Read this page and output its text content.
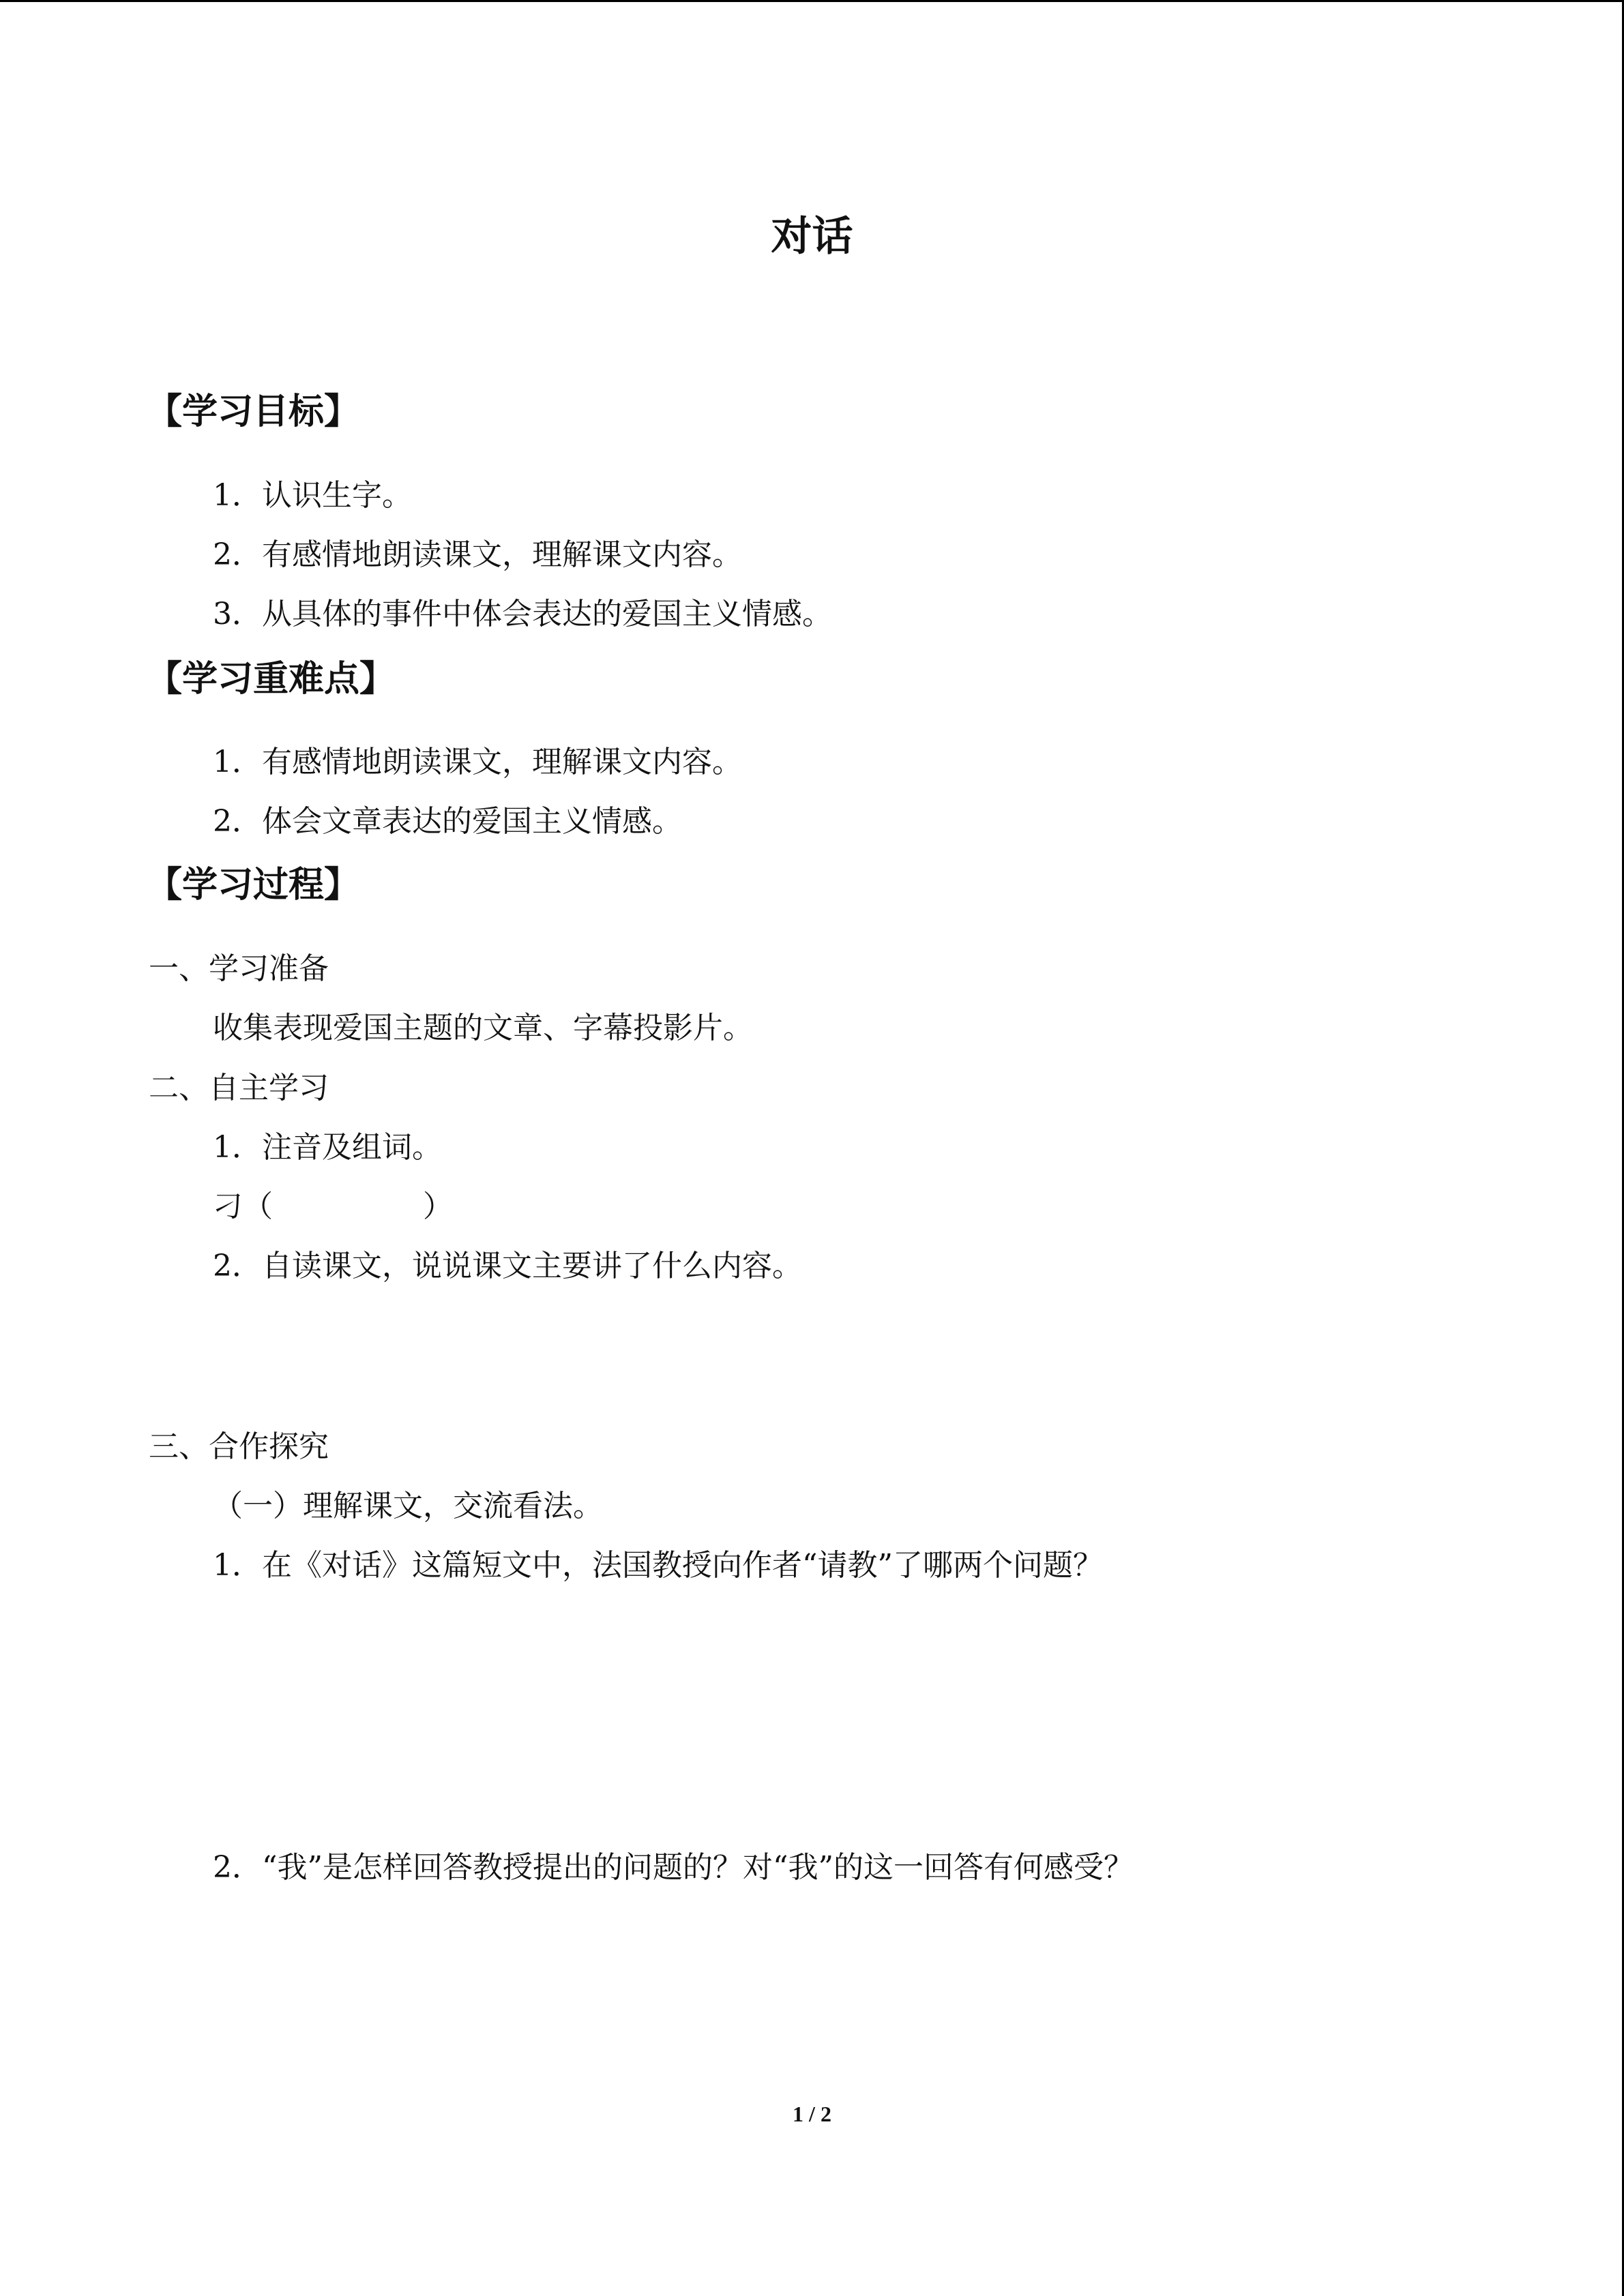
对话
【学习目标】
1．认识生字。
2．有感情地朗读课文，理解课文内容。
3．从具体的事件中体会表达的爱国主义情感。
【学习重难点】
1．有感情地朗读课文，理解课文内容。
2．体会文章表达的爱国主义情感。
【学习过程】
一、学习准备
收集表现爱国主题的文章、字幕投影片。
二、自主学习
1．注音及组词。
刁（　　　　　）
2．自读课文，说说课文主要讲了什么内容。
三、合作探究
（一）理解课文，交流看法。
1．在《对话》这篇短文中，法国教授向作者“请教”了哪两个问题？
2．“我”是怎样回答教授提出的问题的？对“我”的这一回答有何感受？
1 / 2
